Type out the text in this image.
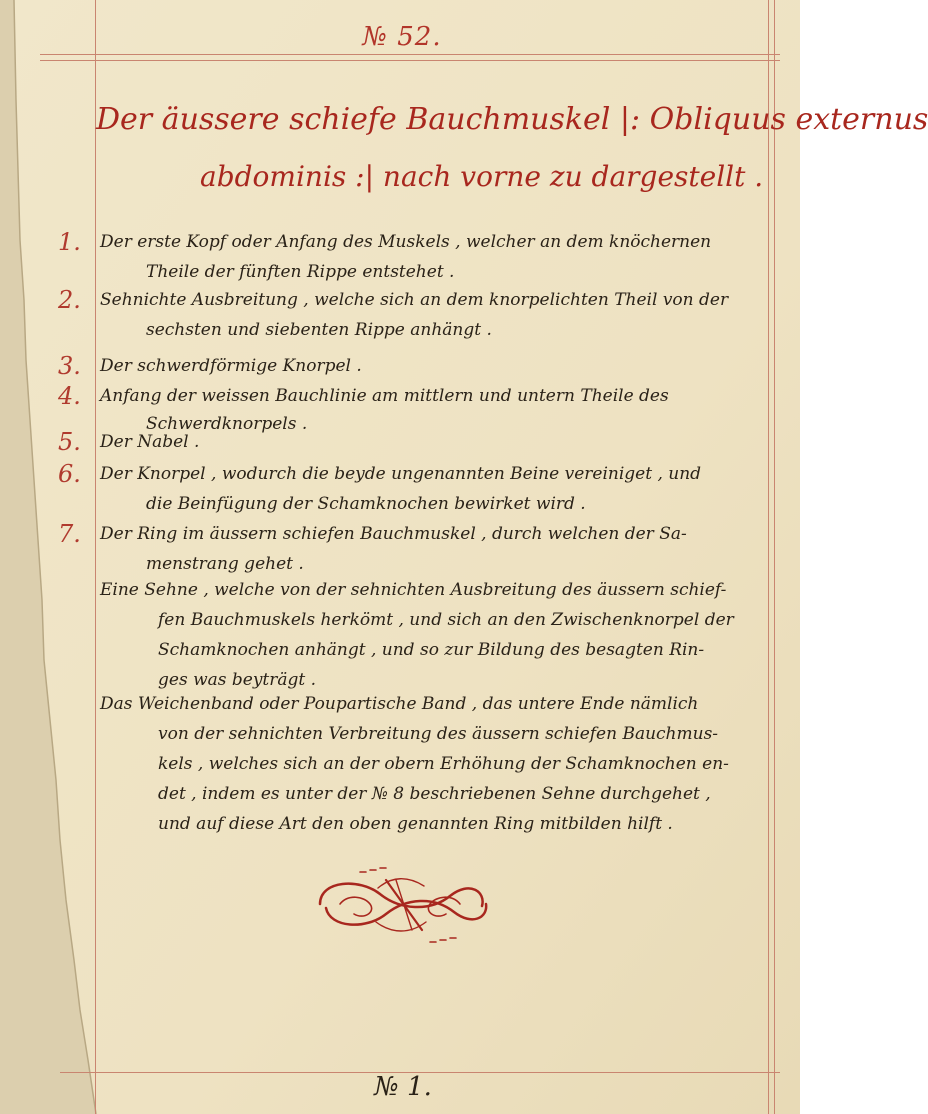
№ 52.
Der äussere schiefe Bauchmuskel |: Obliquus externus
abdominis :| nach vorne zu dargestellt .
1.	Der erste Kopf oder Anfang des Muskels , welcher an dem knöchernen
Theile der fünften Rippe entstehet .
2.	Sehnichte Ausbreitung , welche sich an dem knorpelichten Theil von der
sechsten und siebenten Rippe anhängt .
3.	Der schwerdförmige Knorpel .
4.	Anfang der weissen Bauchlinie am mittlern und untern Theile des
Schwerdknorpels .
5.	Der Nabel .
6.	Der Knorpel , wodurch die beyde ungenannten Beine vereiniget , und
die Beinfügung der Schamknochen bewirket wird .
7.	Der Ring im äussern schiefen Bauchmuskel , durch welchen der Sa-
menstrang gehet .
Eine Sehne , welche von der sehnichten Ausbreitung des äussern schief-
fen Bauchmuskels herkömt , und sich an den Zwischenknorpel der
Schamknochen anhängt , und so zur Bildung des besagten Rin-
ges was beyträgt .
Das Weichenband oder Poupartische Band , das untere Ende nämlich
von der sehnichten Verbreitung des äussern schiefen Bauchmus-
kels , welches sich an der obern Erhöhung der Schamknochen en-
det , indem es unter der № 8 beschriebenen Sehne durchgehet ,
und auf diese Art den oben genannten Ring mitbilden hilft .
№ 1.
